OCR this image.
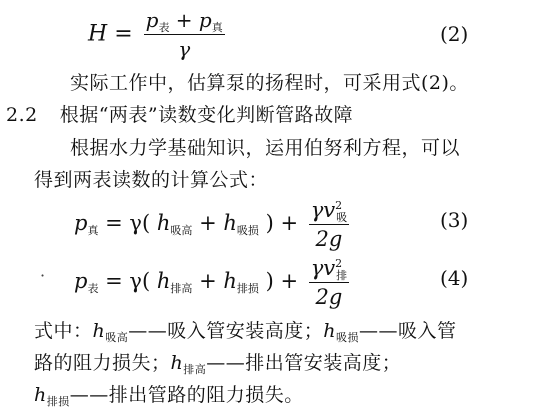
$H = \frac{p_表 + p_真}{\gamma}$	(2)
实际工作中，估算泵的扬程时，可采用式(2)。
2.2 根据“两表”读数变化判断管路故障
根据水力学基础知识，运用伯努利方程，可以
得到两表读数的计算公式：
p真 = γ( h吸高 + h吸损 ) + $\frac{\gamma v^2吸}{2g}$	(3)
· p表 = γ( h排高 + h排损 ) + $\frac{\gamma v^2排}{2g}$	(4)
式中：$h_{吸高}——$吸入管安装高度；$h_{吸损}——$吸入管
路的阻力损失；$h_{排高}——$排出管安装高度；
$h_{排损}——$排出管路的阻力损失。
